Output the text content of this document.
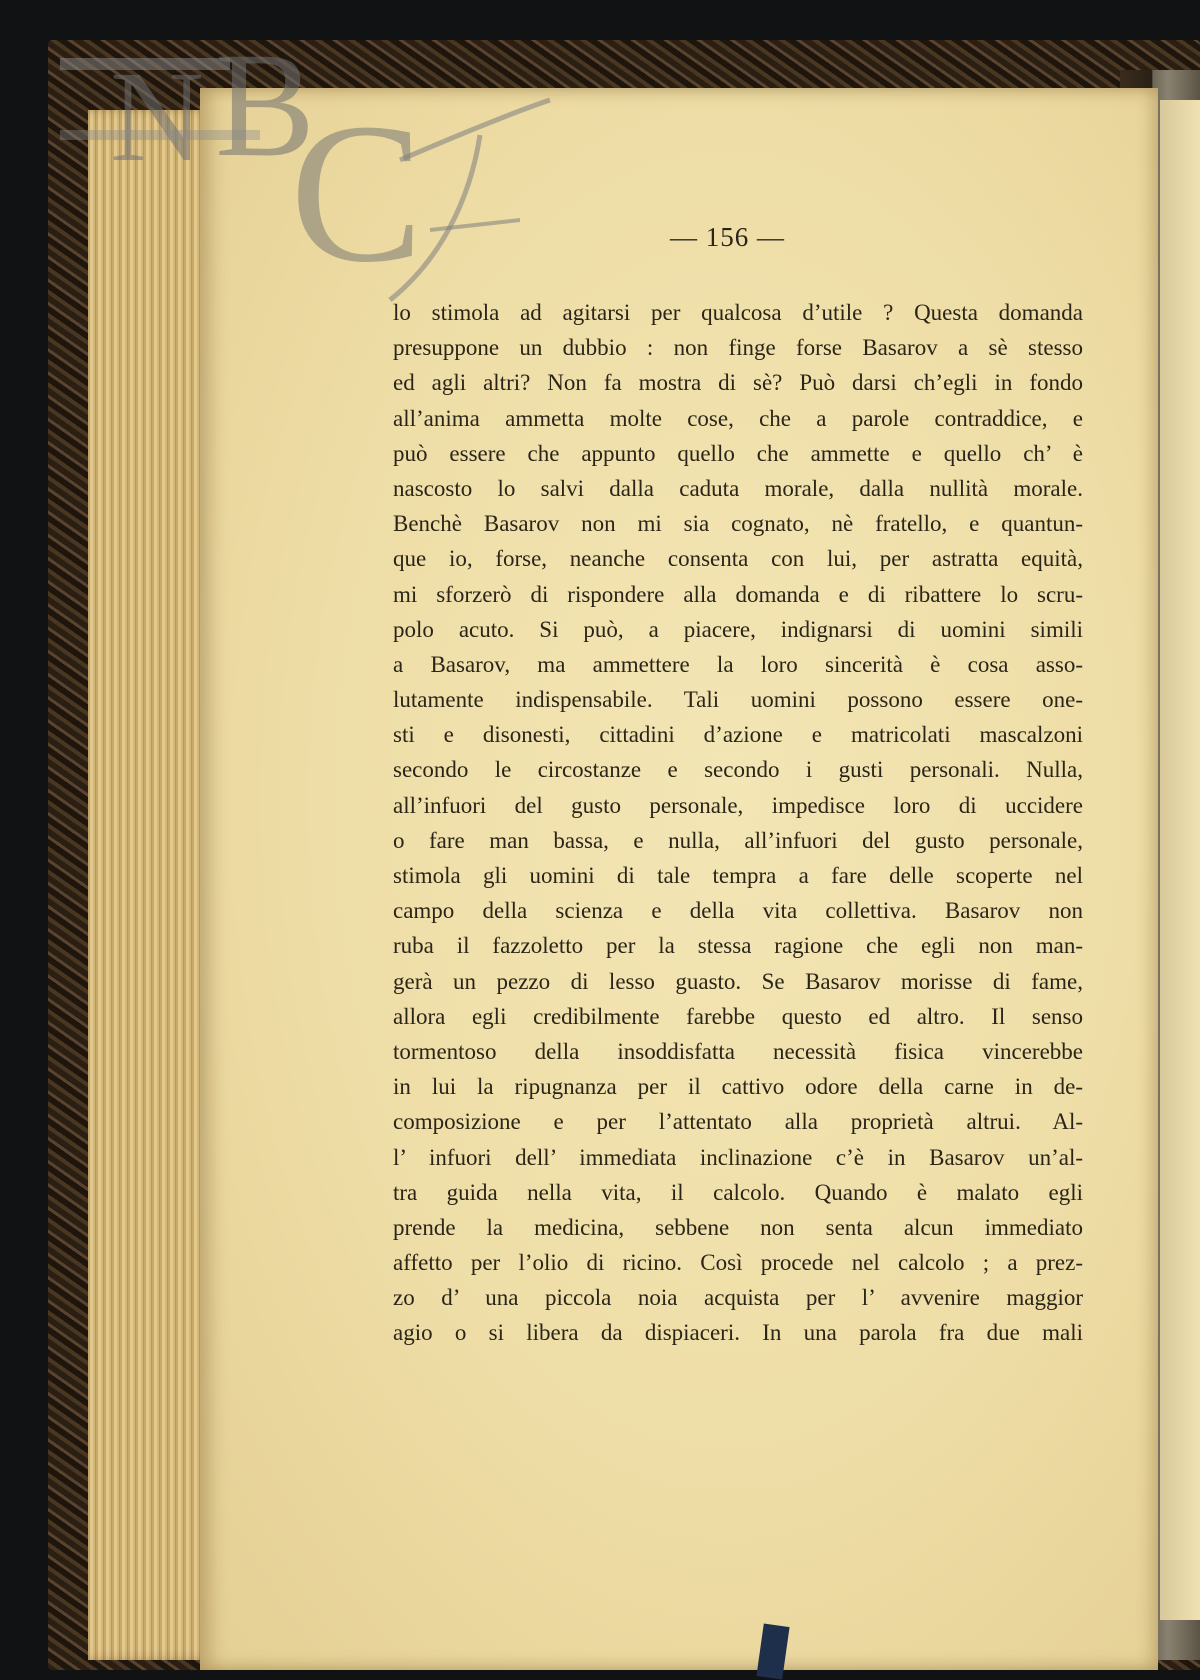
N B
C	— 156 —
lo stimola ad agitarsi per qualcosa d’utile ? Questa domanda
presuppone un dubbio : non finge forse Basarov a sè stesso
ed agli altri? Non fa mostra di sè? Può darsi ch’egli in fondo
all’anima ammetta molte cose, che a parole contraddice, e
può essere che appunto quello che ammette e quello ch’ è
nascosto lo salvi dalla caduta morale, dalla nullità morale.
Benchè Basarov non mi sia cognato, nè fratello, e quantun-
que io, forse, neanche consenta con lui, per astratta equità,
mi sforzerò di rispondere alla domanda e di ribattere lo scru-
polo acuto. Si può, a piacere, indignarsi di uomini simili
a Basarov, ma ammettere la loro sincerità è cosa asso-
lutamente indispensabile. Tali uomini possono essere one-
sti e disonesti, cittadini d’azione e matricolati mascalzoni
secondo le circostanze e secondo i gusti personali. Nulla,
all’infuori del gusto personale, impedisce loro di uccidere
o fare man bassa, e nulla, all’infuori del gusto personale,
stimola gli uomini di tale tempra a fare delle scoperte nel
campo della scienza e della vita collettiva. Basarov non
ruba il fazzoletto per la stessa ragione che egli non man-
gerà un pezzo di lesso guasto. Se Basarov morisse di fame,
allora egli credibilmente farebbe questo ed altro. Il senso
tormentoso della insoddisfatta necessità fisica vincerebbe
in lui la ripugnanza per il cattivo odore della carne in de-
composizione e per l’attentato alla proprietà altrui. Al-
l’ infuori dell’ immediata inclinazione c’è in Basarov un’al-
tra guida nella vita, il calcolo. Quando è malato egli
prende la medicina, sebbene non senta alcun immediato
affetto per l’olio di ricino. Così procede nel calcolo ; a prez-
zo d’ una piccola noia acquista per l’ avvenire maggior
agio o si libera da dispiaceri. In una parola fra due mali
